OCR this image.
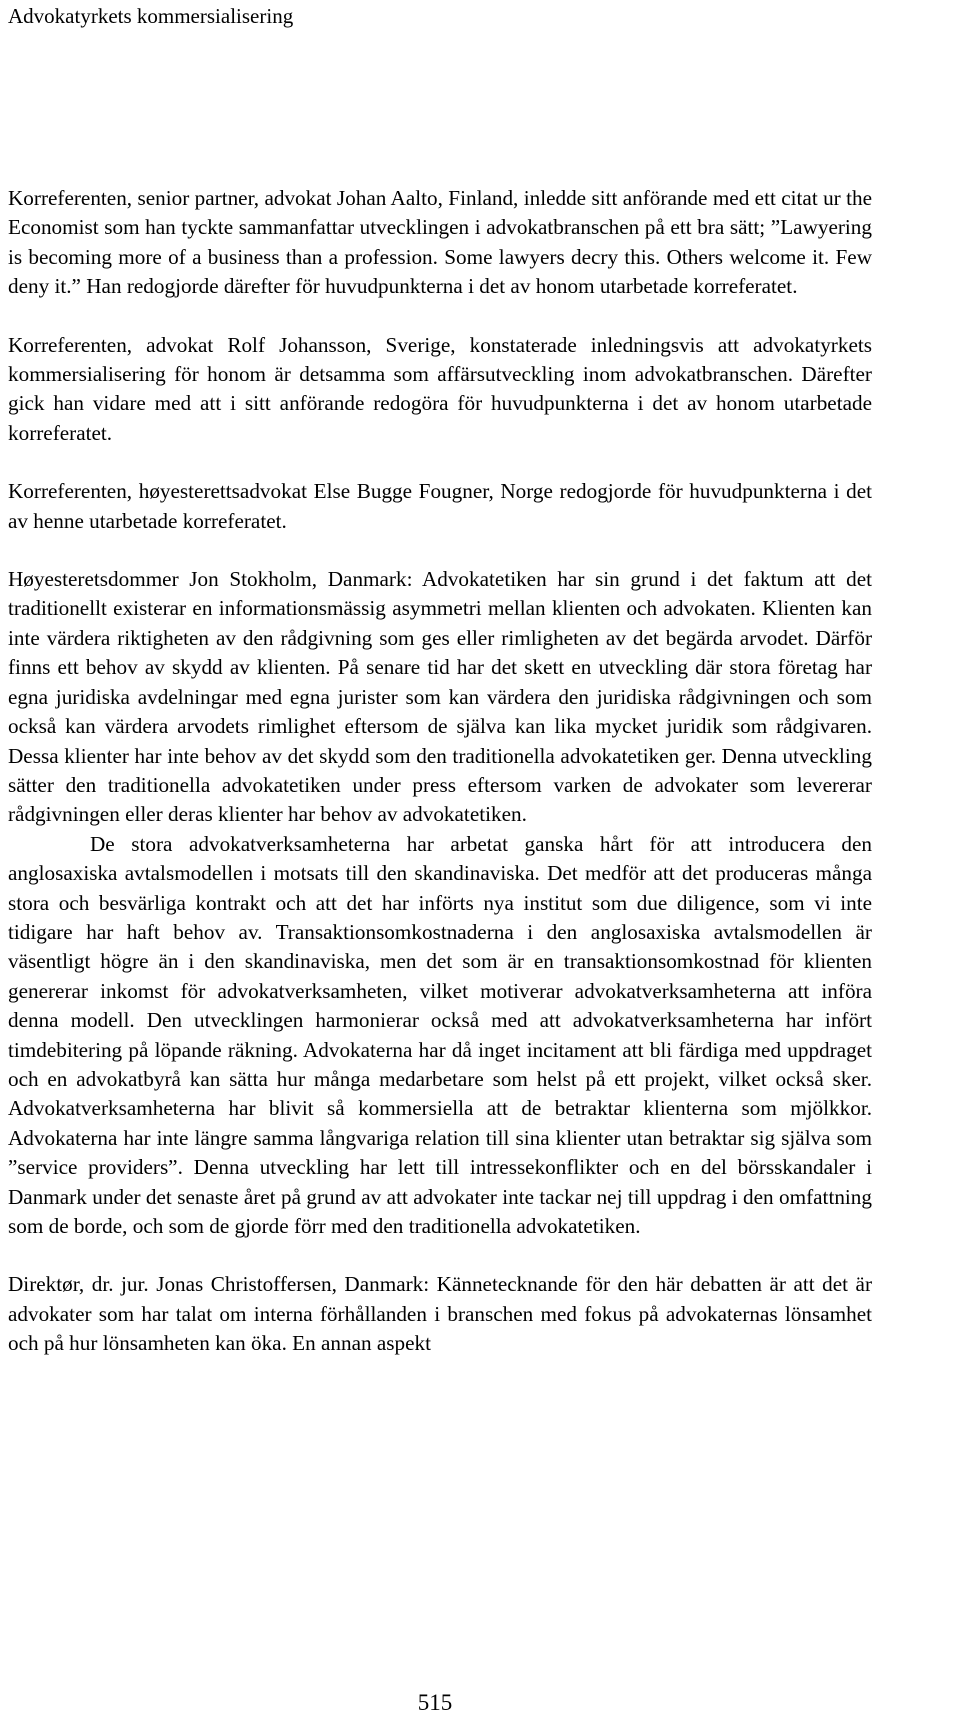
Advokatyrkets kommersialisering

Korreferenten, senior partner, advokat Johan Aalto, Finland, inledde sitt anförande med ett citat ur the Economist som han tyckte sammanfattar utvecklingen i advokatbranschen på ett bra sätt; ”Lawyering is becoming more of a business than a profession. Some lawyers decry this. Others welcome it. Few deny it.” Han redogjorde därefter för huvudpunkterna i det av honom utarbetade korreferatet.

Korreferenten, advokat Rolf Johansson, Sverige, konstaterade inledningsvis att advokatyrkets kommersialisering för honom är detsamma som affärsutveckling inom advokatbranschen. Därefter gick han vidare med att i sitt anförande redogöra för huvudpunkterna i det av honom utarbetade korreferatet.

Korreferenten, høyesterettsadvokat Else Bugge Fougner, Norge redogjorde för huvudpunkterna i det av henne utarbetade korreferatet.

Høyesteretsdommer Jon Stokholm, Danmark: Advokatetiken har sin grund i det faktum att det traditionellt existerar en informationsmässig asymmetri mellan klienten och advokaten. Klienten kan inte värdera riktigheten av den rådgivning som ges eller rimligheten av det begärda arvodet. Därför finns ett behov av skydd av klienten. På senare tid har det skett en utveckling där stora företag har egna juridiska avdelningar med egna jurister som kan värdera den juridiska rådgivningen och som också kan värdera arvodets rimlighet eftersom de själva kan lika mycket juridik som rådgivaren. Dessa klienter har inte behov av det skydd som den traditionella advokatetiken ger. Denna utveckling sätter den traditionella advokatetiken under press eftersom varken de advokater som levererar rådgivningen eller deras klienter har behov av advokatetiken.

De stora advokatverksamheterna har arbetat ganska hårt för att introducera den anglosaxiska avtalsmodellen i motsats till den skandinaviska. Det medför att det produceras många stora och besvärliga kontrakt och att det har införts nya institut som due diligence, som vi inte tidigare har haft behov av. Transaktionsomkostnaderna i den anglosaxiska avtalsmodellen är väsentligt högre än i den skandinaviska, men det som är en transaktionsomkostnad för klienten genererar inkomst för advokatverksamheten, vilket motiverar advokatverksamheterna att införa denna modell. Den utvecklingen harmonierar också med att advokatverksamheterna har infört timdebitering på löpande räkning. Advokaterna har då inget incitament att bli färdiga med uppdraget och en advokatbyrå kan sätta hur många medarbetare som helst på ett projekt, vilket också sker. Advokatverksamheterna har blivit så kommersiella att de betraktar klienterna som mjölkkor. Advokaterna har inte längre samma långvariga relation till sina klienter utan betraktar sig själva som ”service providers”. Denna utveckling har lett till intressekonflikter och en del börsskandaler i Danmark under det senaste året på grund av att advokater inte tackar nej till uppdrag i den omfattning som de borde, och som de gjorde förr med den traditionella advokatetiken.

Direktør, dr. jur. Jonas Christoffersen, Danmark: Kännetecknande för den här debatten är att det är advokater som har talat om interna förhållanden i branschen med fokus på advokaternas lönsamhet och på hur lönsamheten kan öka. En annan aspekt

515
